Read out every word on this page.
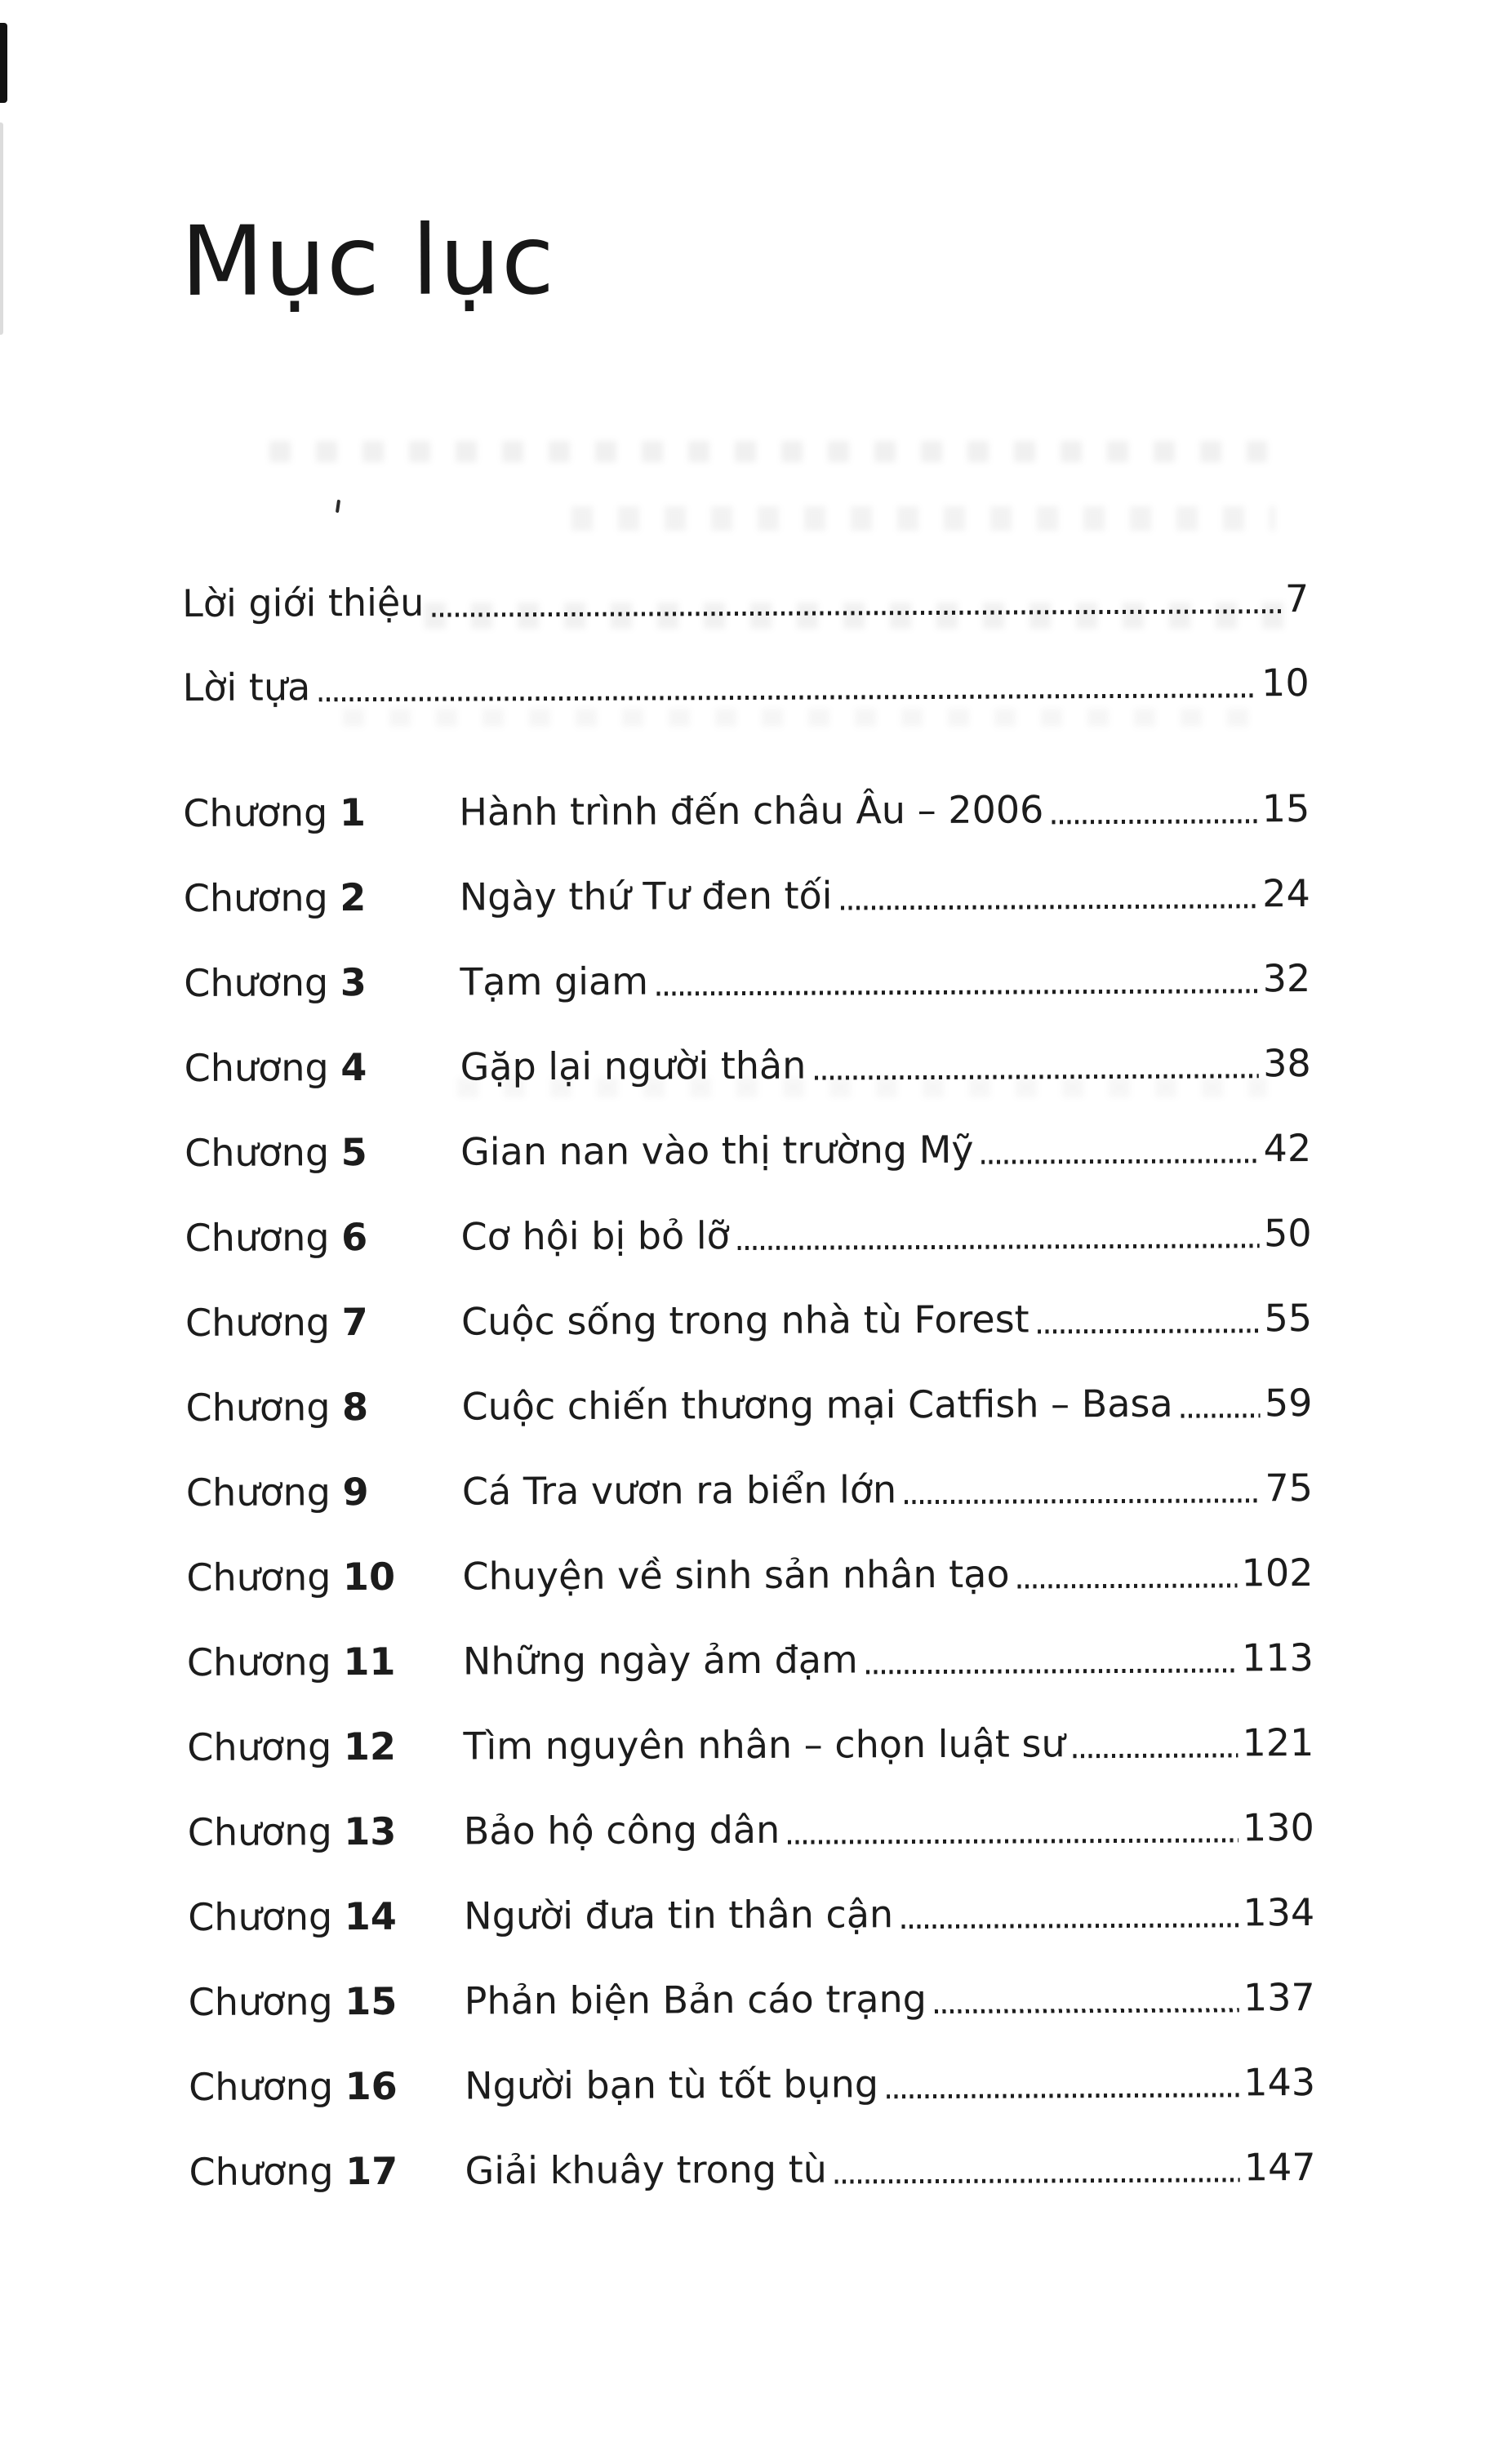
Mục lục
Lời giới thiệu	7
Lời tựa	10
Chương 1	Hành trình đến châu Âu – 2006	15
Chương 2	Ngày thứ Tư đen tối	24
Chương 3	Tạm giam	32
Chương 4	Gặp lại người thân	38
Chương 5	Gian nan vào thị trường Mỹ	42
Chương 6	Cơ hội bị bỏ lỡ	50
Chương 7	Cuộc sống trong nhà tù Forest	55
Chương 8	Cuộc chiến thương mại Catfish – Basa 59
Chương 9	Cá Tra vươn ra biển lớn	75
Chương 10	Chuyện về sinh sản nhân tạo	102
Chương 11	Những ngày ảm đạm	113
Chương 12	Tìm nguyên nhân – chọn luật sư	121
Chương 13	Bảo hộ công dân	130
Chương 14	Người đưa tin thân cận	134
Chương 15	Phản biện Bản cáo trạng	137
Chương 16	Người bạn tù tốt bụng	143
Chương 17	Giải khuây trong tù	147
